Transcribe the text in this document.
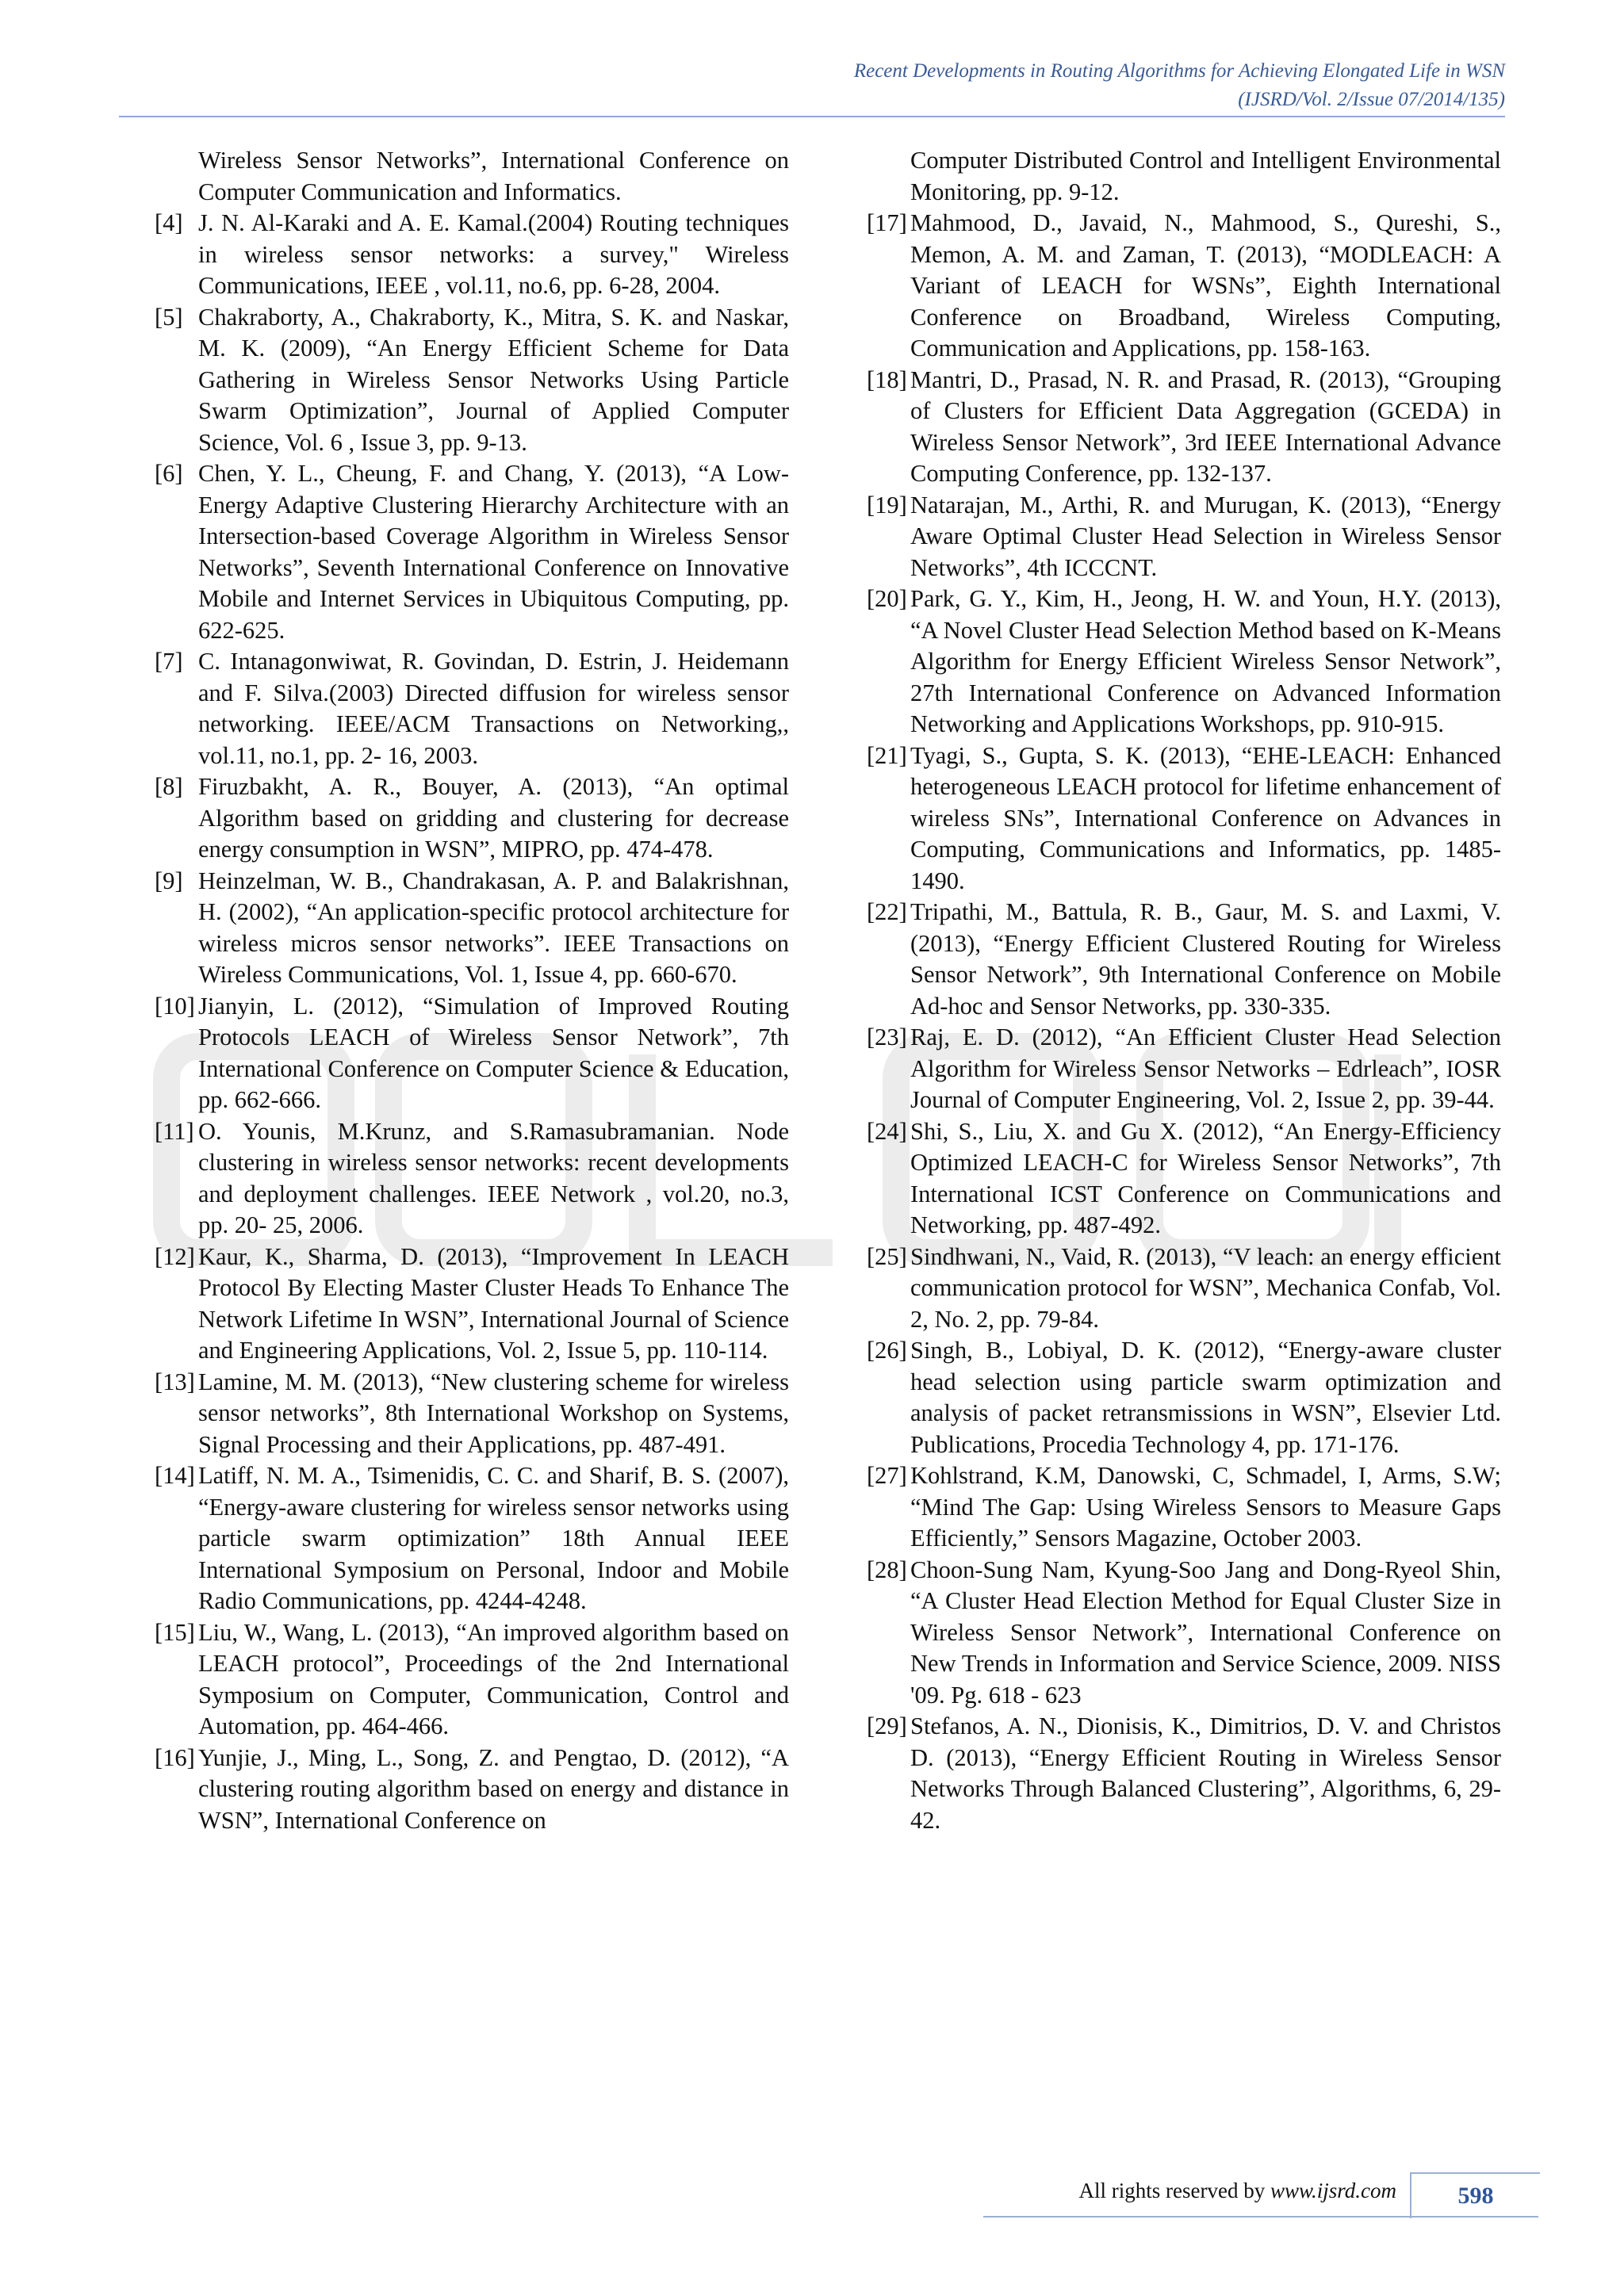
Recent Developments in Routing Algorithms for Achieving Elongated Life in WSN
(IJSRD/Vol. 2/Issue 07/2014/135)
Wireless Sensor Networks”, International Conference on Computer Communication and Informatics.
[4] J. N. Al-Karaki and A. E. Kamal.(2004) Routing techniques in wireless sensor networks: a survey," Wireless Communications, IEEE , vol.11, no.6, pp. 6-28, 2004.
[5] Chakraborty, A., Chakraborty, K., Mitra, S. K. and Naskar, M. K. (2009), “An Energy Efficient Scheme for Data Gathering in Wireless Sensor Networks Using Particle Swarm Optimization”, Journal of Applied Computer Science, Vol. 6 , Issue 3, pp. 9-13.
[6] Chen, Y. L., Cheung, F. and Chang, Y. (2013), “A Low-Energy Adaptive Clustering Hierarchy Architecture with an Intersection-based Coverage Algorithm in Wireless Sensor Networks”, Seventh International Conference on Innovative Mobile and Internet Services in Ubiquitous Computing, pp. 622-625.
[7] C. Intanagonwiwat, R. Govindan, D. Estrin, J. Heidemann and F. Silva.(2003) Directed diffusion for wireless sensor networking. IEEE/ACM Transactions on Networking,, vol.11, no.1, pp. 2- 16, 2003.
[8] Firuzbakht, A. R., Bouyer, A. (2013), “An optimal Algorithm based on gridding and clustering for decrease energy consumption in WSN”, MIPRO, pp. 474-478.
[9] Heinzelman, W. B., Chandrakasan, A. P. and Balakrishnan, H. (2002), “An application-specific protocol architecture for wireless micros sensor networks”. IEEE Transactions on Wireless Communications, Vol. 1, Issue 4, pp. 660-670.
[10] Jianyin, L. (2012), “Simulation of Improved Routing Protocols LEACH of Wireless Sensor Network”, 7th International Conference on Computer Science & Education, pp. 662-666.
[11] O. Younis, M.Krunz, and S.Ramasubramanian. Node clustering in wireless sensor networks: recent developments and deployment challenges. IEEE Network , vol.20, no.3, pp. 20- 25, 2006.
[12] Kaur, K., Sharma, D. (2013), “Improvement In LEACH Protocol By Electing Master Cluster Heads To Enhance The Network Lifetime In WSN”, International Journal of Science and Engineering Applications, Vol. 2, Issue 5, pp. 110-114.
[13] Lamine, M. M. (2013), “New clustering scheme for wireless sensor networks”, 8th International Workshop on Systems, Signal Processing and their Applications, pp. 487-491.
[14] Latiff, N. M. A., Tsimenidis, C. C. and Sharif, B. S. (2007), “Energy-aware clustering for wireless sensor networks using particle swarm optimization” 18th Annual IEEE International Symposium on Personal, Indoor and Mobile Radio Communications, pp. 4244-4248.
[15] Liu, W., Wang, L. (2013), “An improved algorithm based on LEACH protocol”, Proceedings of the 2nd International Symposium on Computer, Communication, Control and Automation, pp. 464-466.
[16] Yunjie, J., Ming, L., Song, Z. and Pengtao, D. (2012), “A clustering routing algorithm based on energy and distance in WSN”, International Conference on
Computer Distributed Control and Intelligent Environmental Monitoring, pp. 9-12.
[17] Mahmood, D., Javaid, N., Mahmood, S., Qureshi, S., Memon, A. M. and Zaman, T. (2013), “MODLEACH: A Variant of LEACH for WSNs”, Eighth International Conference on Broadband, Wireless Computing, Communication and Applications, pp. 158-163.
[18] Mantri, D., Prasad, N. R. and Prasad, R. (2013), “Grouping of Clusters for Efficient Data Aggregation (GCEDA) in Wireless Sensor Network”, 3rd IEEE International Advance Computing Conference, pp. 132-137.
[19] Natarajan, M., Arthi, R. and Murugan, K. (2013), “Energy Aware Optimal Cluster Head Selection in Wireless Sensor Networks”, 4th ICCCNT.
[20] Park, G. Y., Kim, H., Jeong, H. W. and Youn, H.Y. (2013), “A Novel Cluster Head Selection Method based on K-Means Algorithm for Energy Efficient Wireless Sensor Network”, 27th International Conference on Advanced Information Networking and Applications Workshops, pp. 910-915.
[21] Tyagi, S., Gupta, S. K. (2013), “EHE-LEACH: Enhanced heterogeneous LEACH protocol for lifetime enhancement of wireless SNs”, International Conference on Advances in Computing, Communications and Informatics, pp. 1485-1490.
[22] Tripathi, M., Battula, R. B., Gaur, M. S. and Laxmi, V. (2013), “Energy Efficient Clustered Routing for Wireless Sensor Network”, 9th International Conference on Mobile Ad-hoc and Sensor Networks, pp. 330-335.
[23] Raj, E. D. (2012), “An Efficient Cluster Head Selection Algorithm for Wireless Sensor Networks – Edrleach”, IOSR Journal of Computer Engineering, Vol. 2, Issue 2, pp. 39-44.
[24] Shi, S., Liu, X. and Gu X. (2012), “An Energy-Efficiency Optimized LEACH-C for Wireless Sensor Networks”, 7th International ICST Conference on Communications and Networking, pp. 487-492.
[25] Sindhwani, N., Vaid, R. (2013), “V leach: an energy efficient communication protocol for WSN”, Mechanica Confab, Vol. 2, No. 2, pp. 79-84.
[26] Singh, B., Lobiyal, D. K. (2012), “Energy-aware cluster head selection using particle swarm optimization and analysis of packet retransmissions in WSN”, Elsevier Ltd. Publications, Procedia Technology 4, pp. 171-176.
[27] Kohlstrand, K.M, Danowski, C, Schmadel, I, Arms, S.W; “Mind The Gap: Using Wireless Sensors to Measure Gaps Efficiently,” Sensors Magazine, October 2003.
[28] Choon-Sung Nam, Kyung-Soo Jang and Dong-Ryeol Shin, “A Cluster Head Election Method for Equal Cluster Size in Wireless Sensor Network”, International Conference on New Trends in Information and Service Science, 2009. NISS '09. Pg. 618 - 623
[29] Stefanos, A. N., Dionisis, K., Dimitrios, D. V. and Christos D. (2013), “Energy Efficient Routing in Wireless Sensor Networks Through Balanced Clustering”, Algorithms, 6, 29-42.
All rights reserved by www.ijsrd.com	598
